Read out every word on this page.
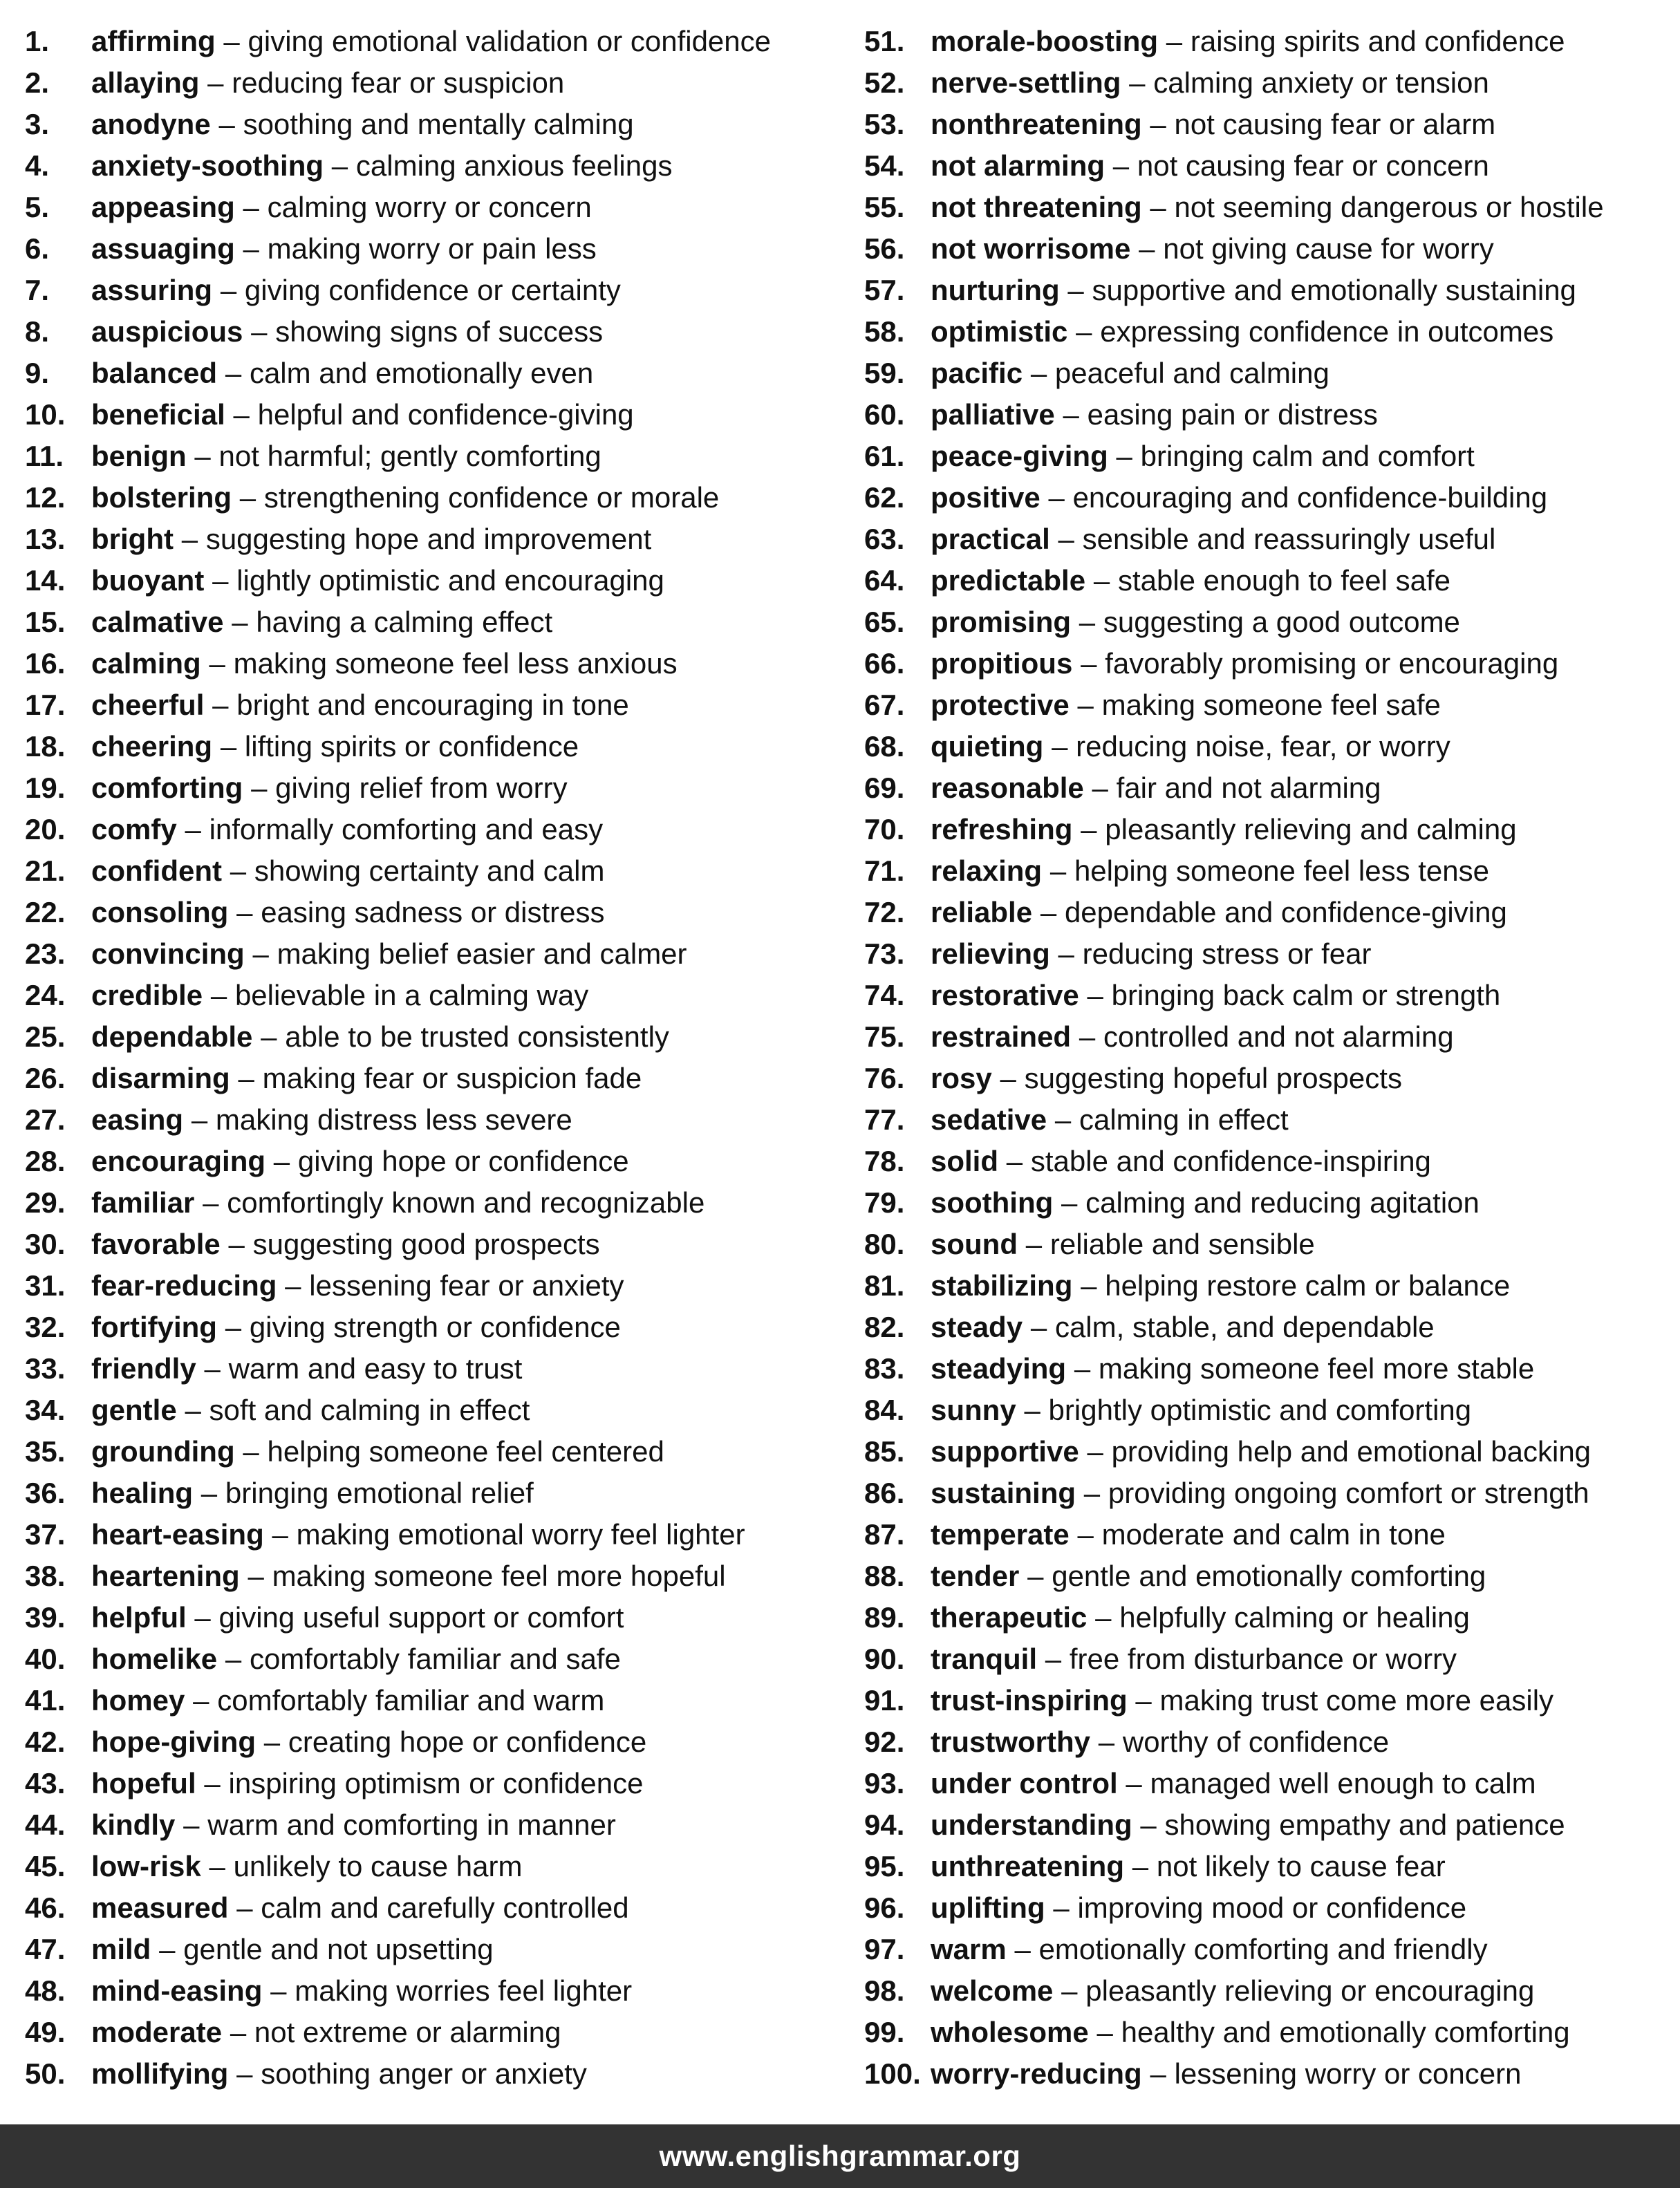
1.	affirming – giving emotional validation or confidence
2.	allaying – reducing fear or suspicion
3.	anodyne – soothing and mentally calming
4.	anxiety-soothing – calming anxious feelings
5.	appeasing – calming worry or concern
6.	assuaging – making worry or pain less
7.	assuring – giving confidence or certainty
8.	auspicious – showing signs of success
9.	balanced – calm and emotionally even
10. beneficial – helpful and confidence-giving
11. benign – not harmful; gently comforting
12. bolstering – strengthening confidence or morale
13. bright – suggesting hope and improvement
14. buoyant – lightly optimistic and encouraging
15. calmative – having a calming effect
16. calming – making someone feel less anxious
17. cheerful – bright and encouraging in tone
18. cheering – lifting spirits or confidence
19. comforting – giving relief from worry
20. comfy – informally comforting and easy
21. confident – showing certainty and calm
22. consoling – easing sadness or distress
23. convincing – making belief easier and calmer
24. credible – believable in a calming way
25. dependable – able to be trusted consistently
26. disarming – making fear or suspicion fade
27. easing – making distress less severe
28. encouraging – giving hope or confidence
29. familiar – comfortingly known and recognizable
30. favorable – suggesting good prospects
31. fear-reducing – lessening fear or anxiety
32. fortifying – giving strength or confidence
33. friendly – warm and easy to trust
34. gentle – soft and calming in effect
35. grounding – helping someone feel centered
36. healing – bringing emotional relief
37. heart-easing – making emotional worry feel lighter
38. heartening – making someone feel more hopeful
39. helpful – giving useful support or comfort
40. homelike – comfortably familiar and safe
41. homey – comfortably familiar and warm
42. hope-giving – creating hope or confidence
43. hopeful – inspiring optimism or confidence
44. kindly – warm and comforting in manner
45. low-risk – unlikely to cause harm
46. measured – calm and carefully controlled
47. mild – gentle and not upsetting
48. mind-easing – making worries feel lighter
49. moderate – not extreme or alarming
50. mollifying – soothing anger or anxiety
51. morale-boosting – raising spirits and confidence
52. nerve-settling – calming anxiety or tension
53. nonthreatening – not causing fear or alarm
54. not alarming – not causing fear or concern
55. not threatening – not seeming dangerous or hostile
56. not worrisome – not giving cause for worry
57. nurturing – supportive and emotionally sustaining
58. optimistic – expressing confidence in outcomes
59. pacific – peaceful and calming
60. palliative – easing pain or distress
61. peace-giving – bringing calm and comfort
62. positive – encouraging and confidence-building
63. practical – sensible and reassuringly useful
64. predictable – stable enough to feel safe
65. promising – suggesting a good outcome
66. propitious – favorably promising or encouraging
67. protective – making someone feel safe
68. quieting – reducing noise, fear, or worry
69. reasonable – fair and not alarming
70. refreshing – pleasantly relieving and calming
71. relaxing – helping someone feel less tense
72. reliable – dependable and confidence-giving
73. relieving – reducing stress or fear
74. restorative – bringing back calm or strength
75. restrained – controlled and not alarming
76. rosy – suggesting hopeful prospects
77. sedative – calming in effect
78. solid – stable and confidence-inspiring
79. soothing – calming and reducing agitation
80. sound – reliable and sensible
81. stabilizing – helping restore calm or balance
82. steady – calm, stable, and dependable
83. steadying – making someone feel more stable
84. sunny – brightly optimistic and comforting
85. supportive – providing help and emotional backing
86. sustaining – providing ongoing comfort or strength
87. temperate – moderate and calm in tone
88. tender – gentle and emotionally comforting
89. therapeutic – helpfully calming or healing
90. tranquil – free from disturbance or worry
91. trust-inspiring – making trust come more easily
92. trustworthy – worthy of confidence
93. under control – managed well enough to calm
94. understanding – showing empathy and patience
95. unthreatening – not likely to cause fear
96. uplifting – improving mood or confidence
97. warm – emotionally comforting and friendly
98. welcome – pleasantly relieving or encouraging
99. wholesome – healthy and emotionally comforting
100. worry-reducing – lessening worry or concern
www.englishgrammar.org
